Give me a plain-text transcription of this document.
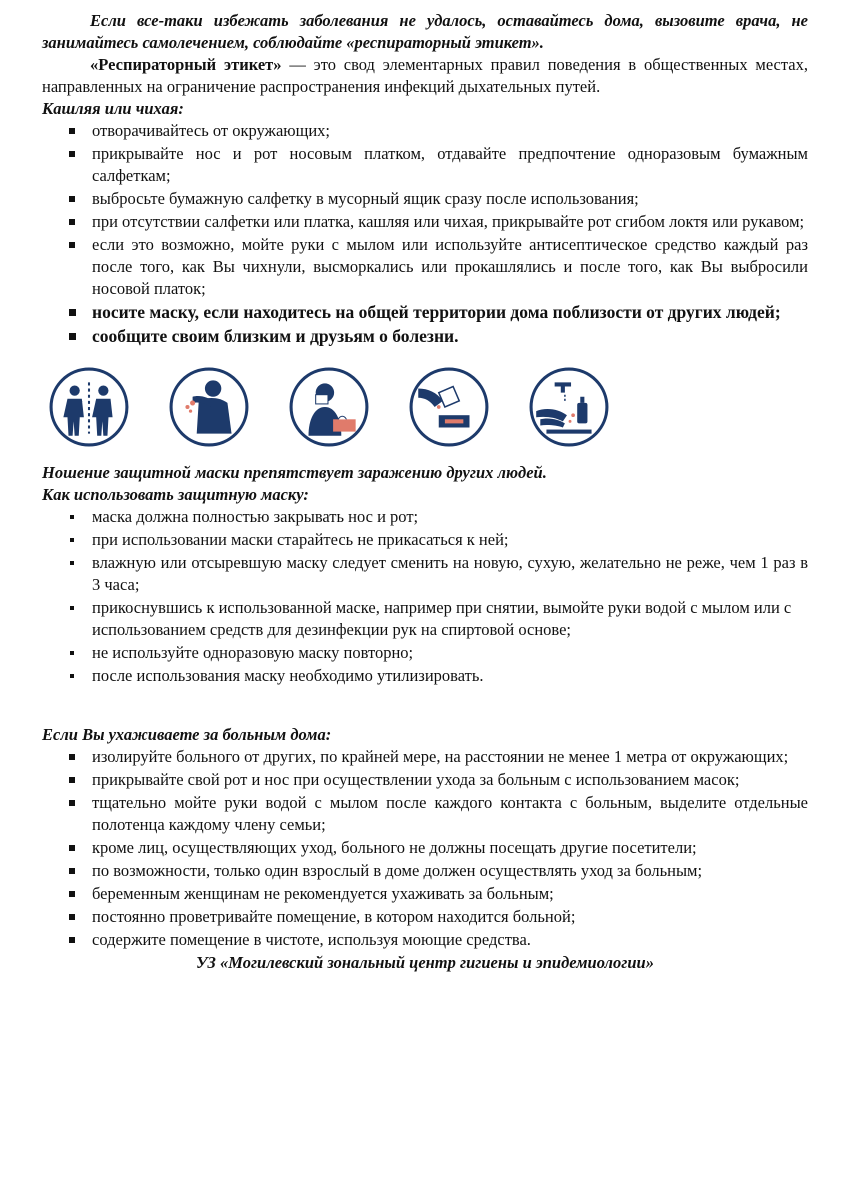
Если все-таки избежать заболевания не удалось, оставайтесь дома, вызовите врача, не занимайтесь самолечением, соблюдайте «респираторный этикет».

«Респираторный этикет» — это свод элементарных правил поведения в общественных местах, направленных на ограничение распространения инфекций дыхательных путей.

Кашляя или чихая:

отворачивайтесь от окружающих;
прикрывайте нос и рот носовым платком, отдавайте предпочтение одноразовым бумажным салфеткам;
выбросьте бумажную салфетку в мусорный ящик сразу после использования;
при отсутствии салфетки или платка, кашляя или чихая, прикрывайте рот сгибом локтя или рукавом;
если это возможно, мойте руки с мылом или используйте антисептическое средство каждый раз после того, как Вы чихнули, высморкались или прокашлялись и после того, как Вы выбросили носовой платок;
носите маску, если находитесь на общей территории дома поблизости от других людей;
сообщите своим близким и друзьям о болезни.

Ношение защитной маски препятствует заражению других людей.

Как использовать защитную маску:

маска должна полностью закрывать нос и рот;
при использовании маски старайтесь не прикасаться к ней;
влажную или отсыревшую маску следует сменить на новую, сухую, желательно не реже, чем 1 раз в 3 часа;
прикоснувшись к использованной маске, например при снятии, вымойте руки водой с мылом или с использованием средств для дезинфекции рук на спиртовой основе;
не используйте одноразовую маску повторно;
после использования маску необходимо утилизировать.

Если Вы ухаживаете за больным дома:

изолируйте больного от других, по крайней мере, на расстоянии не менее 1 метра от окружающих;
прикрывайте свой рот и нос при осуществлении ухода за больным с использованием масок;
тщательно мойте руки водой с мылом после каждого контакта с больным, выделите отдельные полотенца каждому члену семьи;
кроме лиц, осуществляющих уход, больного не должны посещать другие посетители;
по возможности, только один взрослый в доме должен осуществлять уход за больным;
беременным женщинам не рекомендуется ухаживать за больным;
постоянно проветривайте помещение, в котором находится больной;
содержите помещение в чистоте, используя моющие средства.

УЗ «Могилевский зональный центр гигиены и эпидемиологии»
